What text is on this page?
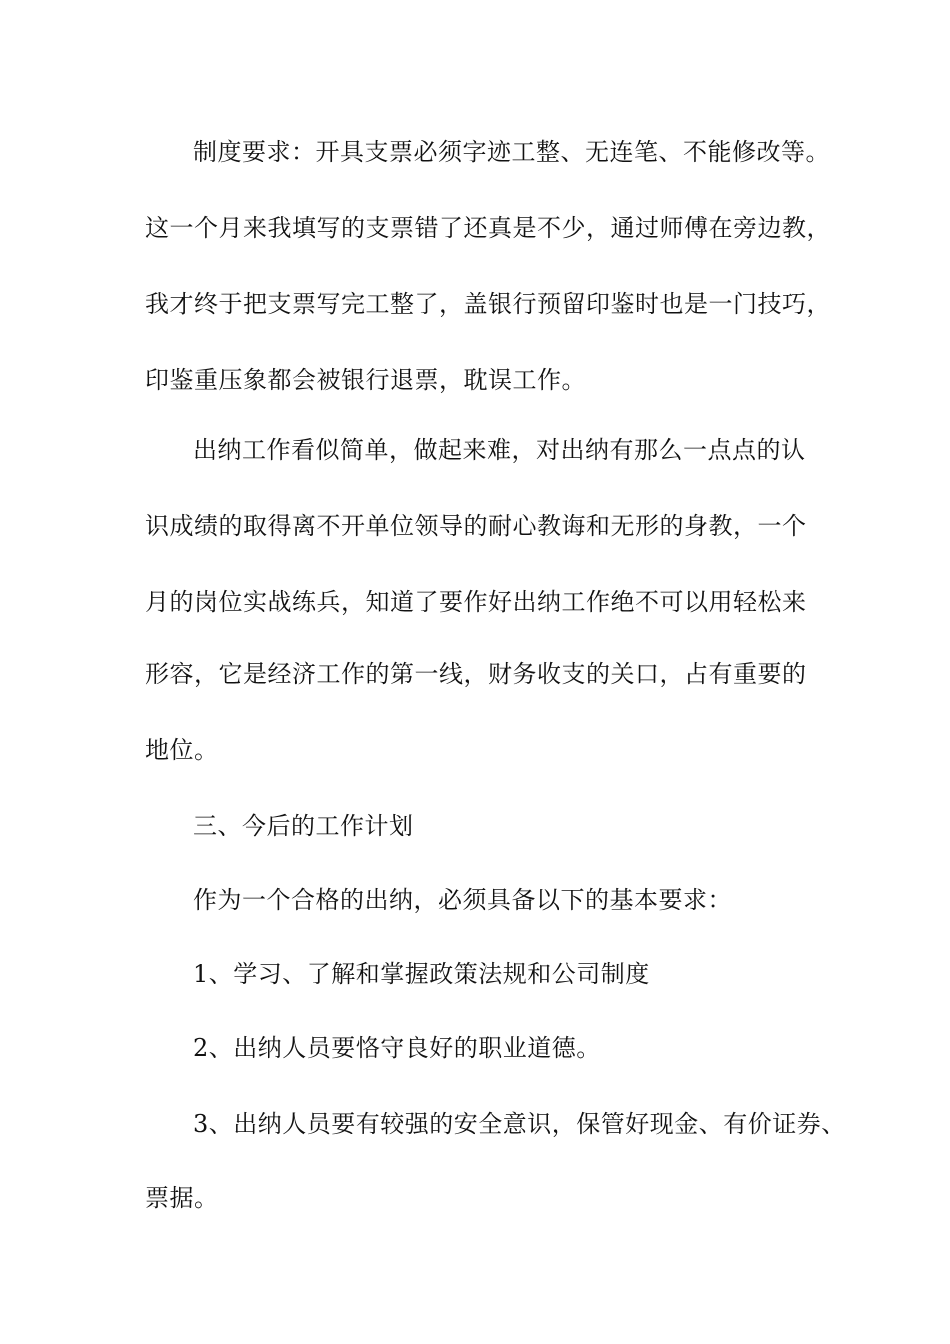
制度要求：开具支票必须字迹工整、无连笔、不能修改等。
这一个月来我填写的支票错了还真是不少，通过师傅在旁边教，
我才终于把支票写完工整了，盖银行预留印鉴时也是一门技巧，
印鉴重压象都会被银行退票，耽误工作。
出纳工作看似简单，做起来难，对出纳有那么一点点的认
识成绩的取得离不开单位领导的耐心教诲和无形的身教，一个
月的岗位实战练兵，知道了要作好出纳工作绝不可以用轻松来
形容，它是经济工作的第一线，财务收支的关口，占有重要的
地位。
三、今后的工作计划
作为一个合格的出纳，必须具备以下的基本要求：
1、学习、了解和掌握政策法规和公司制度
2、出纳人员要恪守良好的职业道德。
3、出纳人员要有较强的安全意识，保管好现金、有价证券、
票据。
